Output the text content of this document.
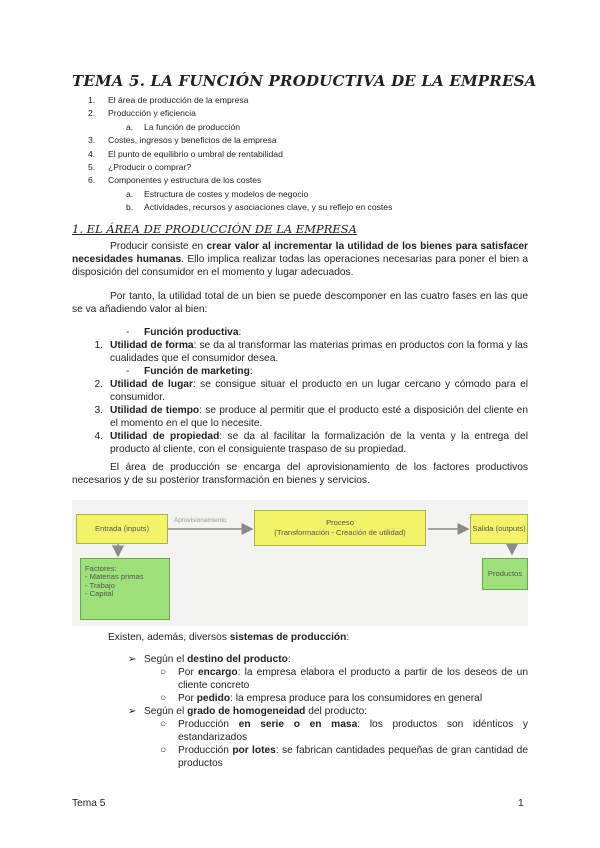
TEMA 5. LA FUNCIÓN PRODUCTIVA DE LA EMPRESA
1.	El área de producción de la empresa
2.	Producción y eficiencia
a.	La función de producción
3.	Costes, ingresos y beneficios de la empresa
4.	El punto de equilibrio o umbral de rentabilidad
5.	¿Producir o comprar?
6.	Componentes y estructura de los costes
a.	Estructura de costes y modelos de negocio
b.	Actividades, recursos y asociaciones clave, y su reflejo en costes
1. EL ÁREA DE PRODUCCIÓN DE LA EMPRESA
Producir consiste en crear valor al incrementar la utilidad de los bienes para satisfacer necesidades humanas. Ello implica realizar todas las operaciones necesarias para poner el bien a disposición del consumidor en el momento y lugar adecuados.
Por tanto, la utilidad total de un bien se puede descomponer en las cuatro fases en las que se va añadiendo valor al bien:
-	Función productiva:
1. Utilidad de forma: se da al transformar las materias primas en productos con la forma y las cualidades que el consumidor desea.
-	Función de marketing:
2. Utilidad de lugar: se consigue situar el producto en un lugar cercano y cómodo para el consumidor.
3. Utilidad de tiempo: se produce al permitir que el producto esté a disposición del cliente en el momento en el que lo necesite.
4. Utilidad de propiedad: se da al facilitar la formalización de la venta y la entrega del producto al cliente, con el consiguiente traspaso de su propiedad.
El área de producción se encarga del aprovisionamiento de los factores productivos necesarios y de su posterior transformación en bienes y servicios.
Entrada (inputs)
Aprovisionamiento	Proceso
(Transformación - Creación de utilidad)	Salida (outputs)
Factores:
- Materias primas
- Trabajo
- Capital
Productos
Existen, además, diversos sistemas de producción:
➢ Según el destino del producto:
○	Por encargo: la empresa elabora el producto a partir de los deseos de un cliente concreto
○	Por pedido: la empresa produce para los consumidores en general
➢ Según el grado de homogeneidad del producto:
○	Producción en serie o en masa: los productos son idénticos y estandarizados
○	Producción por lotes: se fabrican cantidades pequeñas de gran cantidad de productos
Tema 5	1
